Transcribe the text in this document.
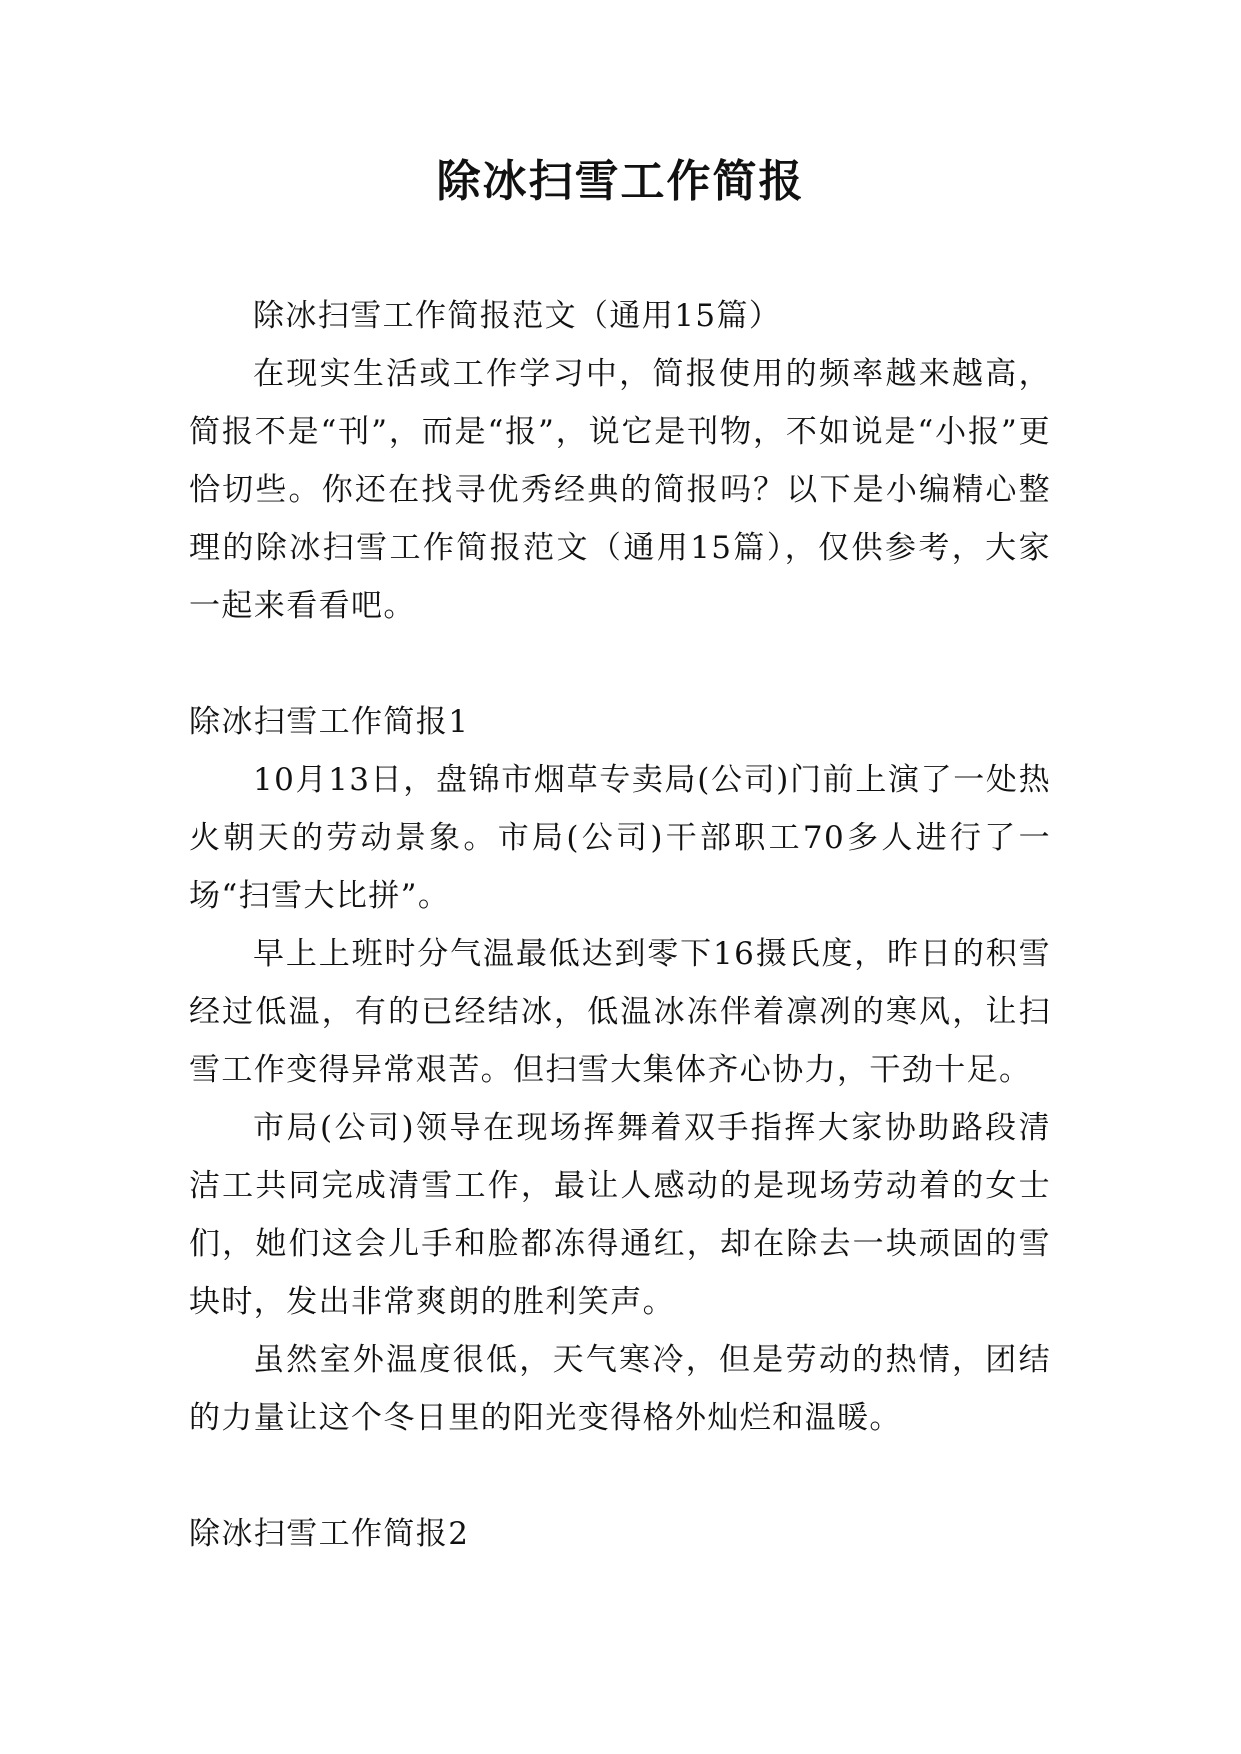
除冰扫雪工作简报

除冰扫雪工作简报范文（通用15篇）

在现实生活或工作学习中，简报使用的频率越来越高，简报不是“刊”，而是“报”，说它是刊物，不如说是“小报”更恰切些。你还在找寻优秀经典的简报吗？以下是小编精心整理的除冰扫雪工作简报范文（通用15篇），仅供参考，大家一起来看看吧。

除冰扫雪工作简报1

10月13日，盘锦市烟草专卖局(公司)门前上演了一处热火朝天的劳动景象。市局(公司)干部职工70多人进行了一场“扫雪大比拼”。

早上上班时分气温最低达到零下16摄氏度，昨日的积雪经过低温，有的已经结冰，低温冰冻伴着凛冽的寒风，让扫雪工作变得异常艰苦。但扫雪大集体齐心协力，干劲十足。

市局(公司)领导在现场挥舞着双手指挥大家协助路段清洁工共同完成清雪工作，最让人感动的是现场劳动着的女士们，她们这会儿手和脸都冻得通红，却在除去一块顽固的雪块时，发出非常爽朗的胜利笑声。

虽然室外温度很低，天气寒冷，但是劳动的热情，团结的力量让这个冬日里的阳光变得格外灿烂和温暖。

除冰扫雪工作简报2
